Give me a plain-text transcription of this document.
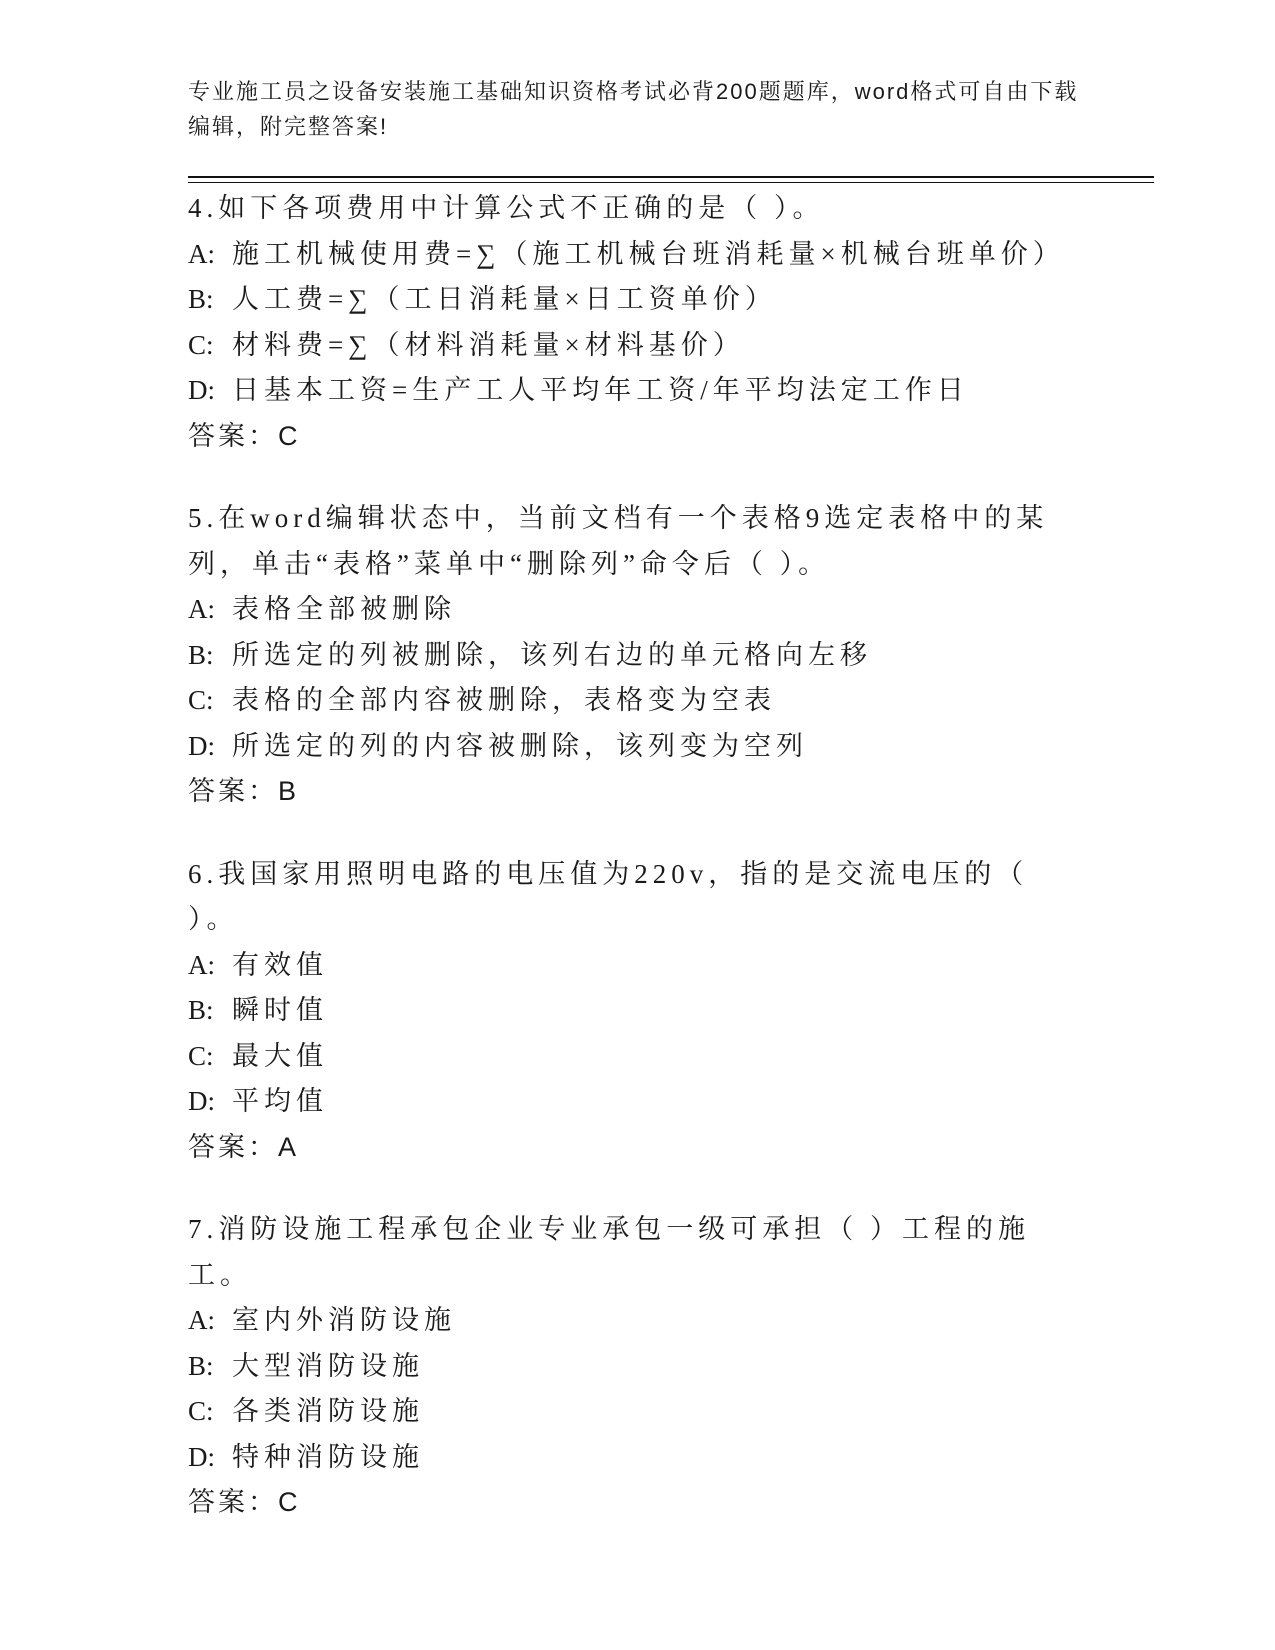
专业施工员之设备安装施工基础知识资格考试必背200题题库，word格式可自由下载编辑，附完整答案!
4.如下各项费用中计算公式不正确的是（ ）。
A: 施工机械使用费=∑（施工机械台班消耗量×机械台班单价）
B: 人工费=∑（工日消耗量×日工资单价）
C: 材料费=∑（材料消耗量×材料基价）
D: 日基本工资=生产工人平均年工资/年平均法定工作日
答案：C
5.在word编辑状态中，当前文档有一个表格9选定表格中的某列，单击“表格”菜单中“删除列”命令后（ ）。
A: 表格全部被删除
B: 所选定的列被删除，该列右边的单元格向左移
C: 表格的全部内容被删除，表格变为空表
D: 所选定的列的内容被删除，该列变为空列
答案：B
6.我国家用照明电路的电压值为220v，指的是交流电压的（ ）。
A: 有效值
B: 瞬时值
C: 最大值
D: 平均值
答案：A
7.消防设施工程承包企业专业承包一级可承担（ ）工程的施工。
A: 室内外消防设施
B: 大型消防设施
C: 各类消防设施
D: 特种消防设施
答案：C
